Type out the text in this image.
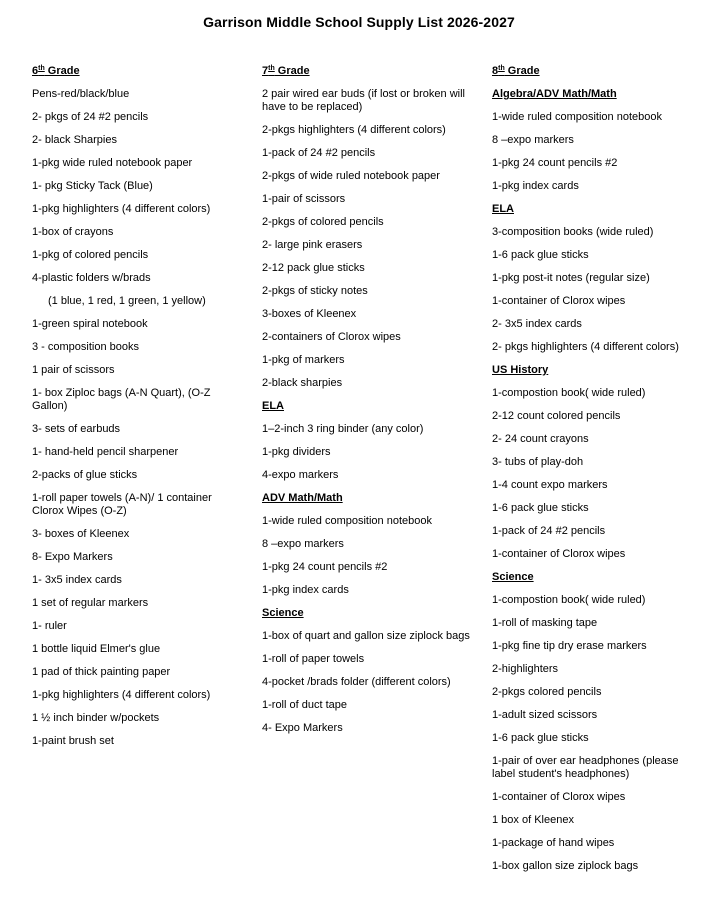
Garrison Middle School Supply List 2026-2027
6th Grade
Pens-red/black/blue
2- pkgs of 24 #2 pencils
2- black Sharpies
1-pkg wide ruled notebook paper
1- pkg Sticky Tack (Blue)
1-pkg highlighters (4 different colors)
1-box of crayons
1-pkg of colored pencils
4-plastic folders w/brads
(1 blue, 1 red, 1 green, 1 yellow)
1-green spiral notebook
3 - composition books
1 pair of scissors
1- box Ziploc bags (A-N Quart), (O-Z Gallon)
3- sets of earbuds
1- hand-held pencil sharpener
2-packs of glue sticks
1-roll paper towels (A-N)/ 1 container Clorox Wipes (O-Z)
3- boxes of Kleenex
8- Expo Markers
1- 3x5 index cards
1 set of regular markers
1- ruler
1 bottle liquid Elmer's glue
1 pad of thick painting paper
1-pkg highlighters (4 different colors)
1 ½ inch binder w/pockets
1-paint brush set
7th Grade
2 pair wired ear buds (if lost or broken will have to be replaced)
2-pkgs highlighters (4 different colors)
1-pack of 24 #2 pencils
2-pkgs of wide ruled notebook paper
1-pair of scissors
2-pkgs of colored pencils
2- large pink erasers
2-12 pack glue sticks
2-pkgs of sticky notes
3-boxes of Kleenex
2-containers of Clorox wipes
1-pkg of markers
2-black sharpies
ELA
1–2-inch 3 ring binder (any color)
1-pkg dividers
4-expo markers
ADV Math/Math
1-wide ruled composition notebook
8 –expo markers
1-pkg 24 count pencils #2
1-pkg index cards
Science
1-box of quart and gallon size ziplock bags
1-roll of paper towels
4-pocket /brads folder (different colors)
1-roll of duct tape
4- Expo Markers
8th Grade
Algebra/ADV Math/Math
1-wide ruled composition notebook
8 –expo markers
1-pkg 24 count pencils #2
1-pkg index cards
ELA
3-composition books (wide ruled)
1-6 pack glue sticks
1-pkg post-it notes (regular size)
1-container of Clorox wipes
2- 3x5 index cards
2- pkgs highlighters (4 different colors)
US History
1-compostion book( wide ruled)
2-12 count colored pencils
2- 24 count crayons
3- tubs of play-doh
1-4 count expo markers
1-6 pack glue sticks
1-pack of 24 #2 pencils
1-container of Clorox wipes
Science
1-compostion book( wide ruled)
1-roll of masking tape
1-pkg fine tip dry erase markers
2-highlighters
2-pkgs colored pencils
1-adult sized scissors
1-6 pack glue sticks
1-pair of over ear headphones (please label student's headphones)
1-container of Clorox wipes
1 box of Kleenex
1-package of hand wipes
1-box gallon size ziplock bags
